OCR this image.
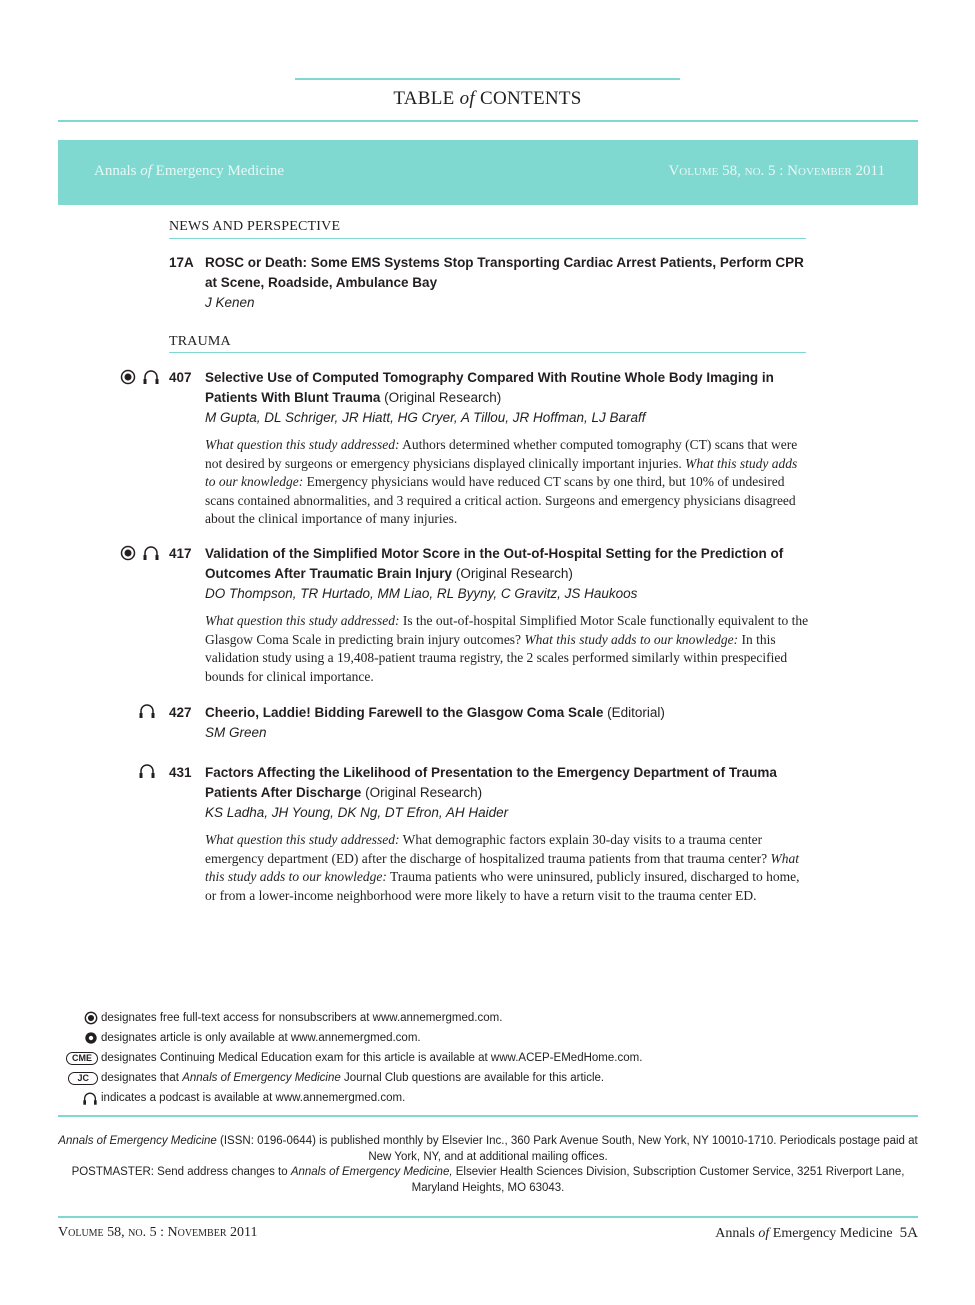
TABLE of CONTENTS
Annals of Emergency Medicine	Volume 58, no. 5 : November 2011
NEWS AND PERSPECTIVE
17A ROSC or Death: Some EMS Systems Stop Transporting Cardiac Arrest Patients, Perform CPR at Scene, Roadside, Ambulance Bay
J Kenen
TRAUMA
407 Selective Use of Computed Tomography Compared With Routine Whole Body Imaging in Patients With Blunt Trauma (Original Research)
M Gupta, DL Schriger, JR Hiatt, HG Cryer, A Tillou, JR Hoffman, LJ Baraff
What question this study addressed: Authors determined whether computed tomography (CT) scans that were not desired by surgeons or emergency physicians displayed clinically important injuries. What this study adds to our knowledge: Emergency physicians would have reduced CT scans by one third, but 10% of undesired scans contained abnormalities, and 3 required a critical action. Surgeons and emergency physicians disagreed about the clinical importance of many injuries.
417 Validation of the Simplified Motor Score in the Out-of-Hospital Setting for the Prediction of Outcomes After Traumatic Brain Injury (Original Research)
DO Thompson, TR Hurtado, MM Liao, RL Byyny, C Gravitz, JS Haukoos
What question this study addressed: Is the out-of-hospital Simplified Motor Scale functionally equivalent to the Glasgow Coma Scale in predicting brain injury outcomes? What this study adds to our knowledge: In this validation study using a 19,408-patient trauma registry, the 2 scales performed similarly within prespecified bounds for clinical importance.
427 Cheerio, Laddie! Bidding Farewell to the Glasgow Coma Scale (Editorial)
SM Green
431 Factors Affecting the Likelihood of Presentation to the Emergency Department of Trauma Patients After Discharge (Original Research)
KS Ladha, JH Young, DK Ng, DT Efron, AH Haider
What question this study addressed: What demographic factors explain 30-day visits to a trauma center emergency department (ED) after the discharge of hospitalized trauma patients from that trauma center? What this study adds to our knowledge: Trauma patients who were uninsured, publicly insured, discharged to home, or from a lower-income neighborhood were more likely to have a return visit to the trauma center ED.
designates free full-text access for nonsubscribers at www.annemergmed.com.
designates article is only available at www.annemergmed.com.
CME designates Continuing Medical Education exam for this article is available at www.ACEP-EMedHome.com.
JC	designates that Annals of Emergency Medicine Journal Club questions are available for this article.
indicates a podcast is available at www.annemergmed.com.
Annals of Emergency Medicine (ISSN: 0196-0644) is published monthly by Elsevier Inc., 360 Park Avenue South, New York, NY 10010-1710. Periodicals postage paid at New York, NY, and at additional mailing offices.
POSTMASTER: Send address changes to Annals of Emergency Medicine, Elsevier Health Sciences Division, Subscription Customer Service, 3251 Riverport Lane, Maryland Heights, MO 63043.
Volume 58, no. 5 : November 2011	Annals of Emergency Medicine 5A
